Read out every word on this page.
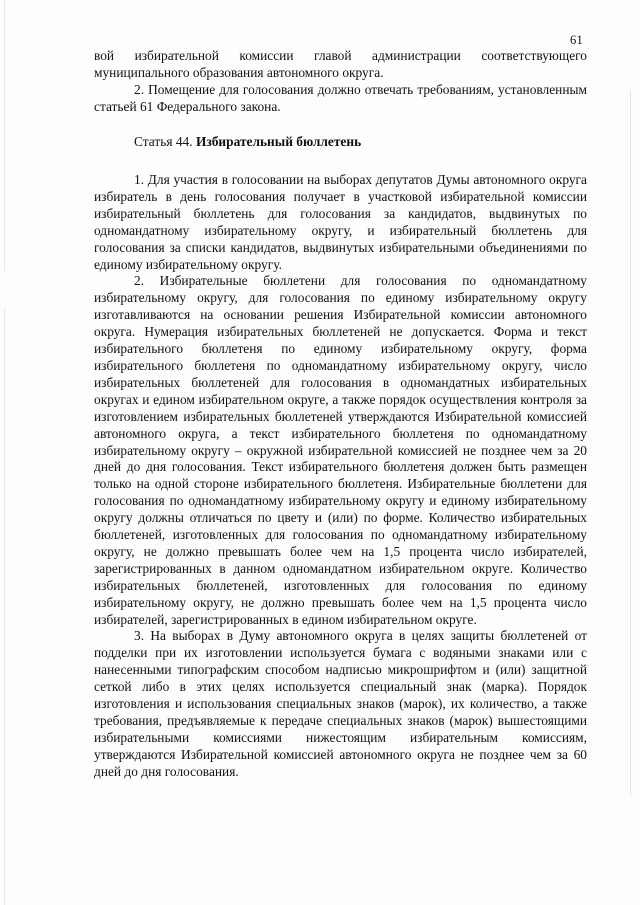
61

вой избирательной комиссии главой администрации соответствующего муниципального образования автономного округа.

2. Помещение для голосования должно отвечать требованиям, установленным статьей 61 Федерального закона.

Статья 44. Избирательный бюллетень

1. Для участия в голосовании на выборах депутатов Думы автономного округа избиратель в день голосования получает в участковой избирательной комиссии избирательный бюллетень для голосования за кандидатов, выдвинутых по одномандатному избирательному округу, и избирательный бюллетень для голосования за списки кандидатов, выдвинутых избирательными объединениями по единому избирательному округу.

2. Избирательные бюллетени для голосования по одномандатному избирательному округу, для голосования по единому избирательному округу изготавливаются на основании решения Избирательной комиссии автономного округа. Нумерация избирательных бюллетеней не допускается. Форма и текст избирательного бюллетеня по единому избирательному округу, форма избирательного бюллетеня по одномандатному избирательному округу, число избирательных бюллетеней для голосования в одномандатных избирательных округах и едином избирательном округе, а также порядок осуществления контроля за изготовлением избирательных бюллетеней утверждаются Избирательной комиссией автономного округа, а текст избирательного бюллетеня по одномандатному избирательному округу – окружной избирательной комиссией не позднее чем за 20 дней до дня голосования. Текст избирательного бюллетеня должен быть размещен только на одной стороне избирательного бюллетеня. Избирательные бюллетени для голосования по одномандатному избирательному округу и единому избирательному округу должны отличаться по цвету и (или) по форме. Количество избирательных бюллетеней, изготовленных для голосования по одномандатному избирательному округу, не должно превышать более чем на 1,5 процента число избирателей, зарегистрированных в данном одномандатном избирательном округе. Количество избирательных бюллетеней, изготовленных для голосования по единому избирательному округу, не должно превышать более чем на 1,5 процента число избирателей, зарегистрированных в едином избирательном округе.

3. На выборах в Думу автономного округа в целях защиты бюллетеней от подделки при их изготовлении используется бумага с водяными знаками или с нанесенными типографским способом надписью микрошрифтом и (или) защитной сеткой либо в этих целях используется специальный знак (марка). Порядок изготовления и использования специальных знаков (марок), их количество, а также требования, предъявляемые к передаче специальных знаков (марок) вышестоящими избирательными комиссиями нижестоящим избирательным комиссиям, утверждаются Избирательной комиссией автономного округа не позднее чем за 60 дней до дня голосования.
